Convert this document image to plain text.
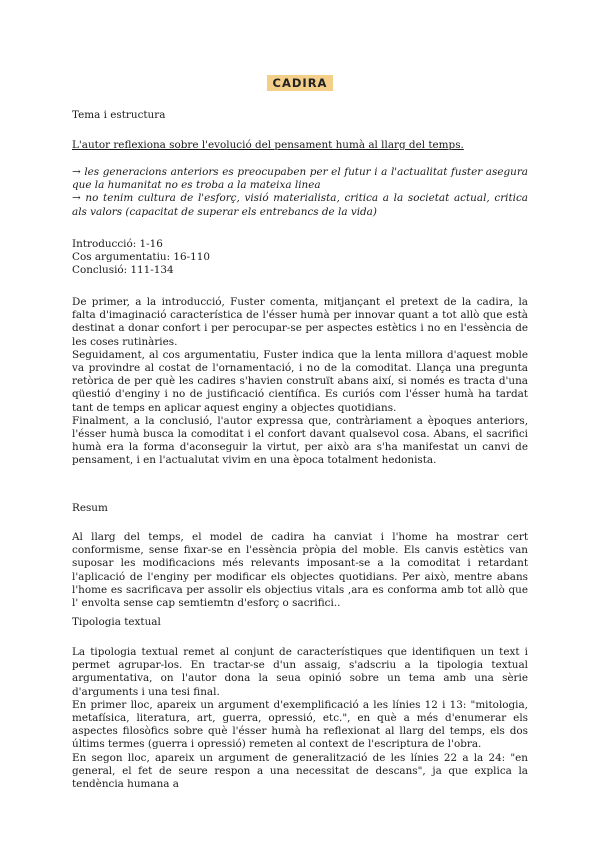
CADIRA
Tema i estructura
L'autor reflexiona sobre l'evolució del pensament humà al llarg del temps.

→ les generacions anteriors es preocupaben per el futur i a l'actualitat fuster asegura que la humanitat no es troba a la mateixa linea

→ no tenim cultura de l'esforç, visió materialista, critica a la societat actual, critica als valors (capacitat de superar els entrebancs de la vida)

Introducció: 1-16
Cos argumentatiu: 16-110
Conclusió: 111-134

De primer, a la introducció, Fuster comenta, mitjançant el pretext de la cadira, la falta d'imaginació característica de l'ésser humà per innovar quant a tot allò que està destinat a donar confort i per perocupar-se per aspectes estètics i no en l'essència de les coses rutinàries.

Seguidament, al cos argumentatiu, Fuster indica que la lenta millora d'aquest moble va provindre al costat de l'ornamentació, i no de la comoditat. Llança una pregunta retòrica de per què les cadires s'havien construït abans així, si només es tracta d'una qüestió d'enginy i no de justificació científica. Es curiós com l'ésser humà ha tardat tant de temps en aplicar aquest enginy a objectes quotidians.

Finalment, a la conclusió, l'autor expressa que, contràriament a èpoques anteriors, l'ésser humà busca la comoditat i el confort davant qualsevol cosa. Abans, el sacrifici humà era la forma d'aconseguir la virtut, per això ara s'ha manifestat un canvi de pensament, i en l'actualutat vivim en una època totalment hedonista.

Resum
Al llarg del temps, el model de cadira ha canviat i l'home ha mostrar cert conformisme, sense fixar-se en l'essència pròpia del moble. Els canvis estètics van suposar les modificacions més relevants imposant-se a la comoditat i retardant l'aplicació de l'enginy per modificar els objectes quotidians. Per això, mentre abans l'home es sacrificava per assolir els objectius vitals ,ara es conforma amb tot allò que l' envolta sense cap semtiemtn d'esforç o sacrifici..
Tipologia textual

La tipologia textual remet al conjunt de característiques que identifiquen un text i permet agrupar-los. En tractar-se d'un assaig, s'adscriu a la tipologia textual argumentativa, on l'autor dona la seua opinió sobre un tema amb una sèrie d'arguments i una tesi final.

En primer lloc, apareix un argument d'exemplificació a les línies 12 i 13: "mitologia, metafísica, literatura, art, guerra, opressió, etc.", en què a més d'enumerar els aspectes filosòfics sobre què l'ésser humà ha reflexionat al llarg del temps, els dos últims termes (guerra i opressió) remeten al context de l'escriptura de l'obra.

En segon lloc, apareix un argument de generalització de les línies 22 a la 24: "en general, el fet de seure respon a una necessitat de descans", ja que explica la tendència humana a
